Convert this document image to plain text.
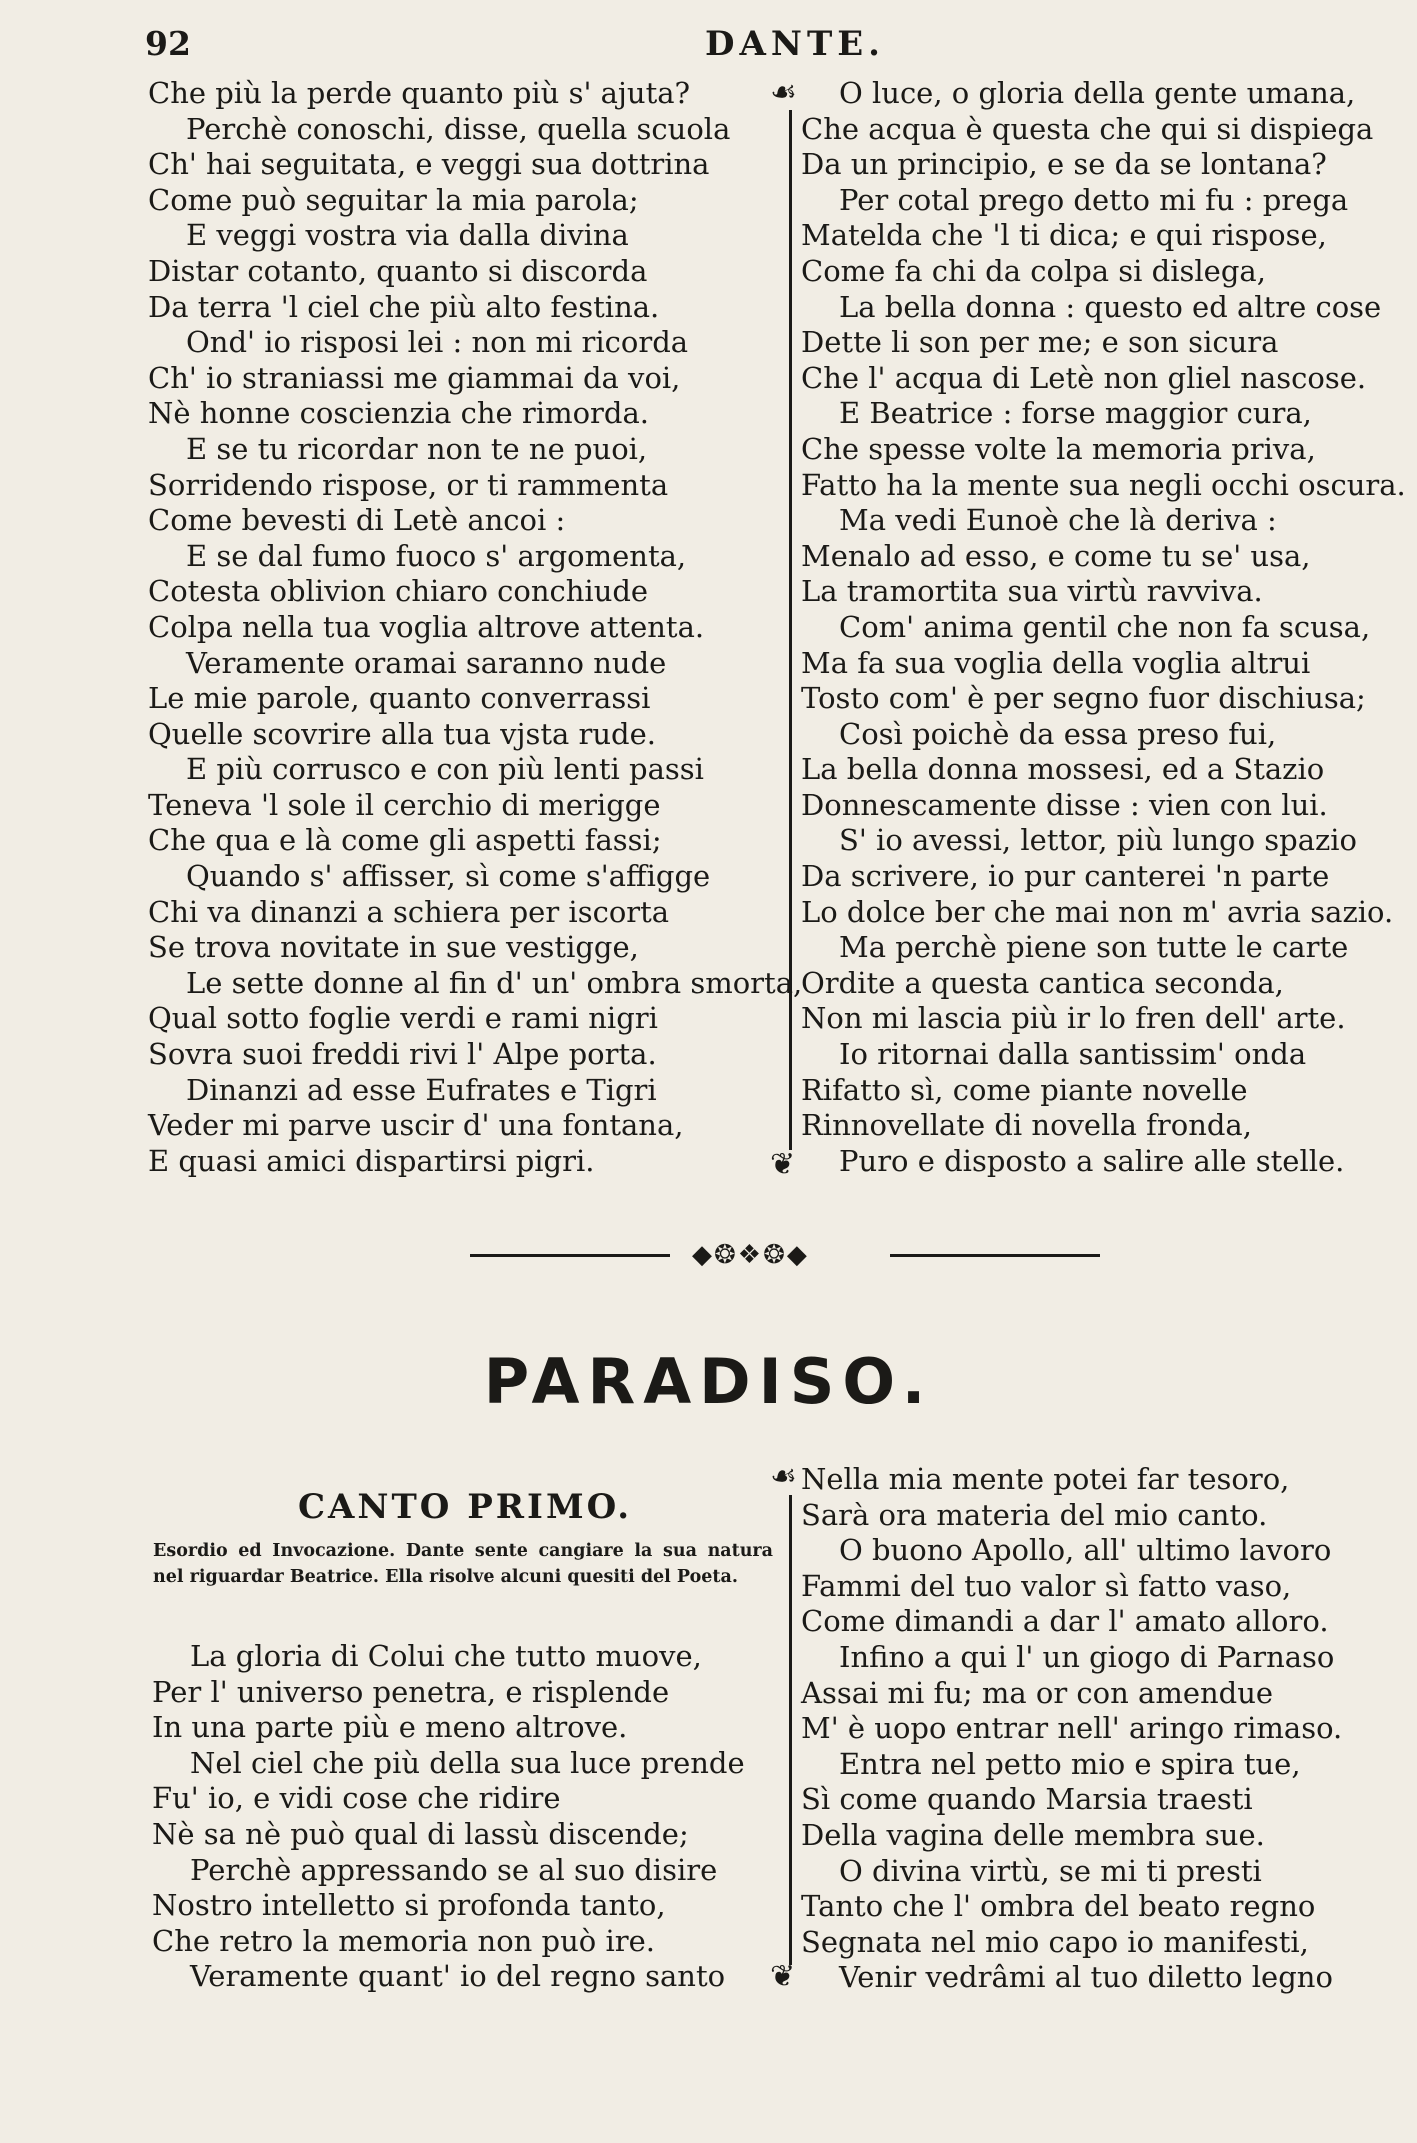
92	DANTE.
Che più la perde quanto più s' ajuta?
Perchè conoschi, disse, quella scuola
Ch' hai seguitata, e veggi sua dottrina
Come può seguitar la mia parola;
E veggi vostra via dalla divina
Distar cotanto, quanto si discorda
Da terra 'l ciel che più alto festina.
Ond' io risposi lei : non mi ricorda
Ch' io straniassi me giammai da voi,
Nè honne coscienzia che rimorda.
E se tu ricordar non te ne puoi,
Sorridendo rispose, or ti rammenta
Come bevesti di Letè ancoi :
E se dal fumo fuoco s' argomenta,
Cotesta oblivion chiaro conchiude
Colpa nella tua voglia altrove attenta.
Veramente oramai saranno nude
Le mie parole, quanto converrassi
Quelle scovrire alla tua vjsta rude.
E più corrusco e con più lenti passi
Teneva 'l sole il cerchio di merigge
Che qua e là come gli aspetti fassi;
Quando s' affisser, sì come s'affigge
Chi va dinanzi a schiera per iscorta
Se trova novitate in sue vestigge,
Le sette donne al fin d' un' ombra smorta,
Qual sotto foglie verdi e rami nigri
Sovra suoi freddi rivi l' Alpe porta.
Dinanzi ad esse Eufrates e Tigri
Veder mi parve uscir d' una fontana,
E quasi amici dispartirsi pigri.
☙
❦
O luce, o gloria della gente umana,
Che acqua è questa che qui si dispiega
Da un principio, e se da se lontana?
Per cotal prego detto mi fu : prega
Matelda che 'l ti dica; e qui rispose,
Come fa chi da colpa si dislega,
La bella donna : questo ed altre cose
Dette li son per me; e son sicura
Che l' acqua di Letè non gliel nascose.
E Beatrice : forse maggior cura,
Che spesse volte la memoria priva,
Fatto ha la mente sua negli occhi oscura.
Ma vedi Eunoè che là deriva :
Menalo ad esso, e come tu se' usa,
La tramortita sua virtù ravviva.
Com' anima gentil che non fa scusa,
Ma fa sua voglia della voglia altrui
Tosto com' è per segno fuor dischiusa;
Così poichè da essa preso fui,
La bella donna mossesi, ed a Stazio
Donnescamente disse : vien con lui.
S' io avessi, lettor, più lungo spazio
Da scrivere, io pur canterei 'n parte
Lo dolce ber che mai non m' avria sazio.
Ma perchè piene son tutte le carte
Ordite a questa cantica seconda,
Non mi lascia più ir lo fren dell' arte.
Io ritornai dalla santissim' onda
Rifatto sì, come piante novelle
Rinnovellate di novella fronda,
Puro e disposto a salire alle stelle.
◆❂❖❂◆
PARADISO.
CANTO PRIMO.
Esordio ed Invocazione. Dante sente cangiare la sua natura nel riguardar Beatrice. Ella risolve alcuni quesiti del Poeta.
La gloria di Colui che tutto muove,
Per l' universo penetra, e risplende
In una parte più e meno altrove.
Nel ciel che più della sua luce prende
Fu' io, e vidi cose che ridire
Nè sa nè può qual di lassù discende;
Perchè appressando se al suo disire
Nostro intelletto si profonda tanto,
Che retro la memoria non può ire.
Veramente quant' io del regno santo
☙
❦
Nella mia mente potei far tesoro,
Sarà ora materia del mio canto.
O buono Apollo, all' ultimo lavoro
Fammi del tuo valor sì fatto vaso,
Come dimandi a dar l' amato alloro.
Infino a qui l' un giogo di Parnaso
Assai mi fu; ma or con amendue
M' è uopo entrar nell' aringo rimaso.
Entra nel petto mio e spira tue,
Sì come quando Marsia traesti
Della vagina delle membra sue.
O divina virtù, se mi ti presti
Tanto che l' ombra del beato regno
Segnata nel mio capo io manifesti,
Venir vedrâmi al tuo diletto legno
